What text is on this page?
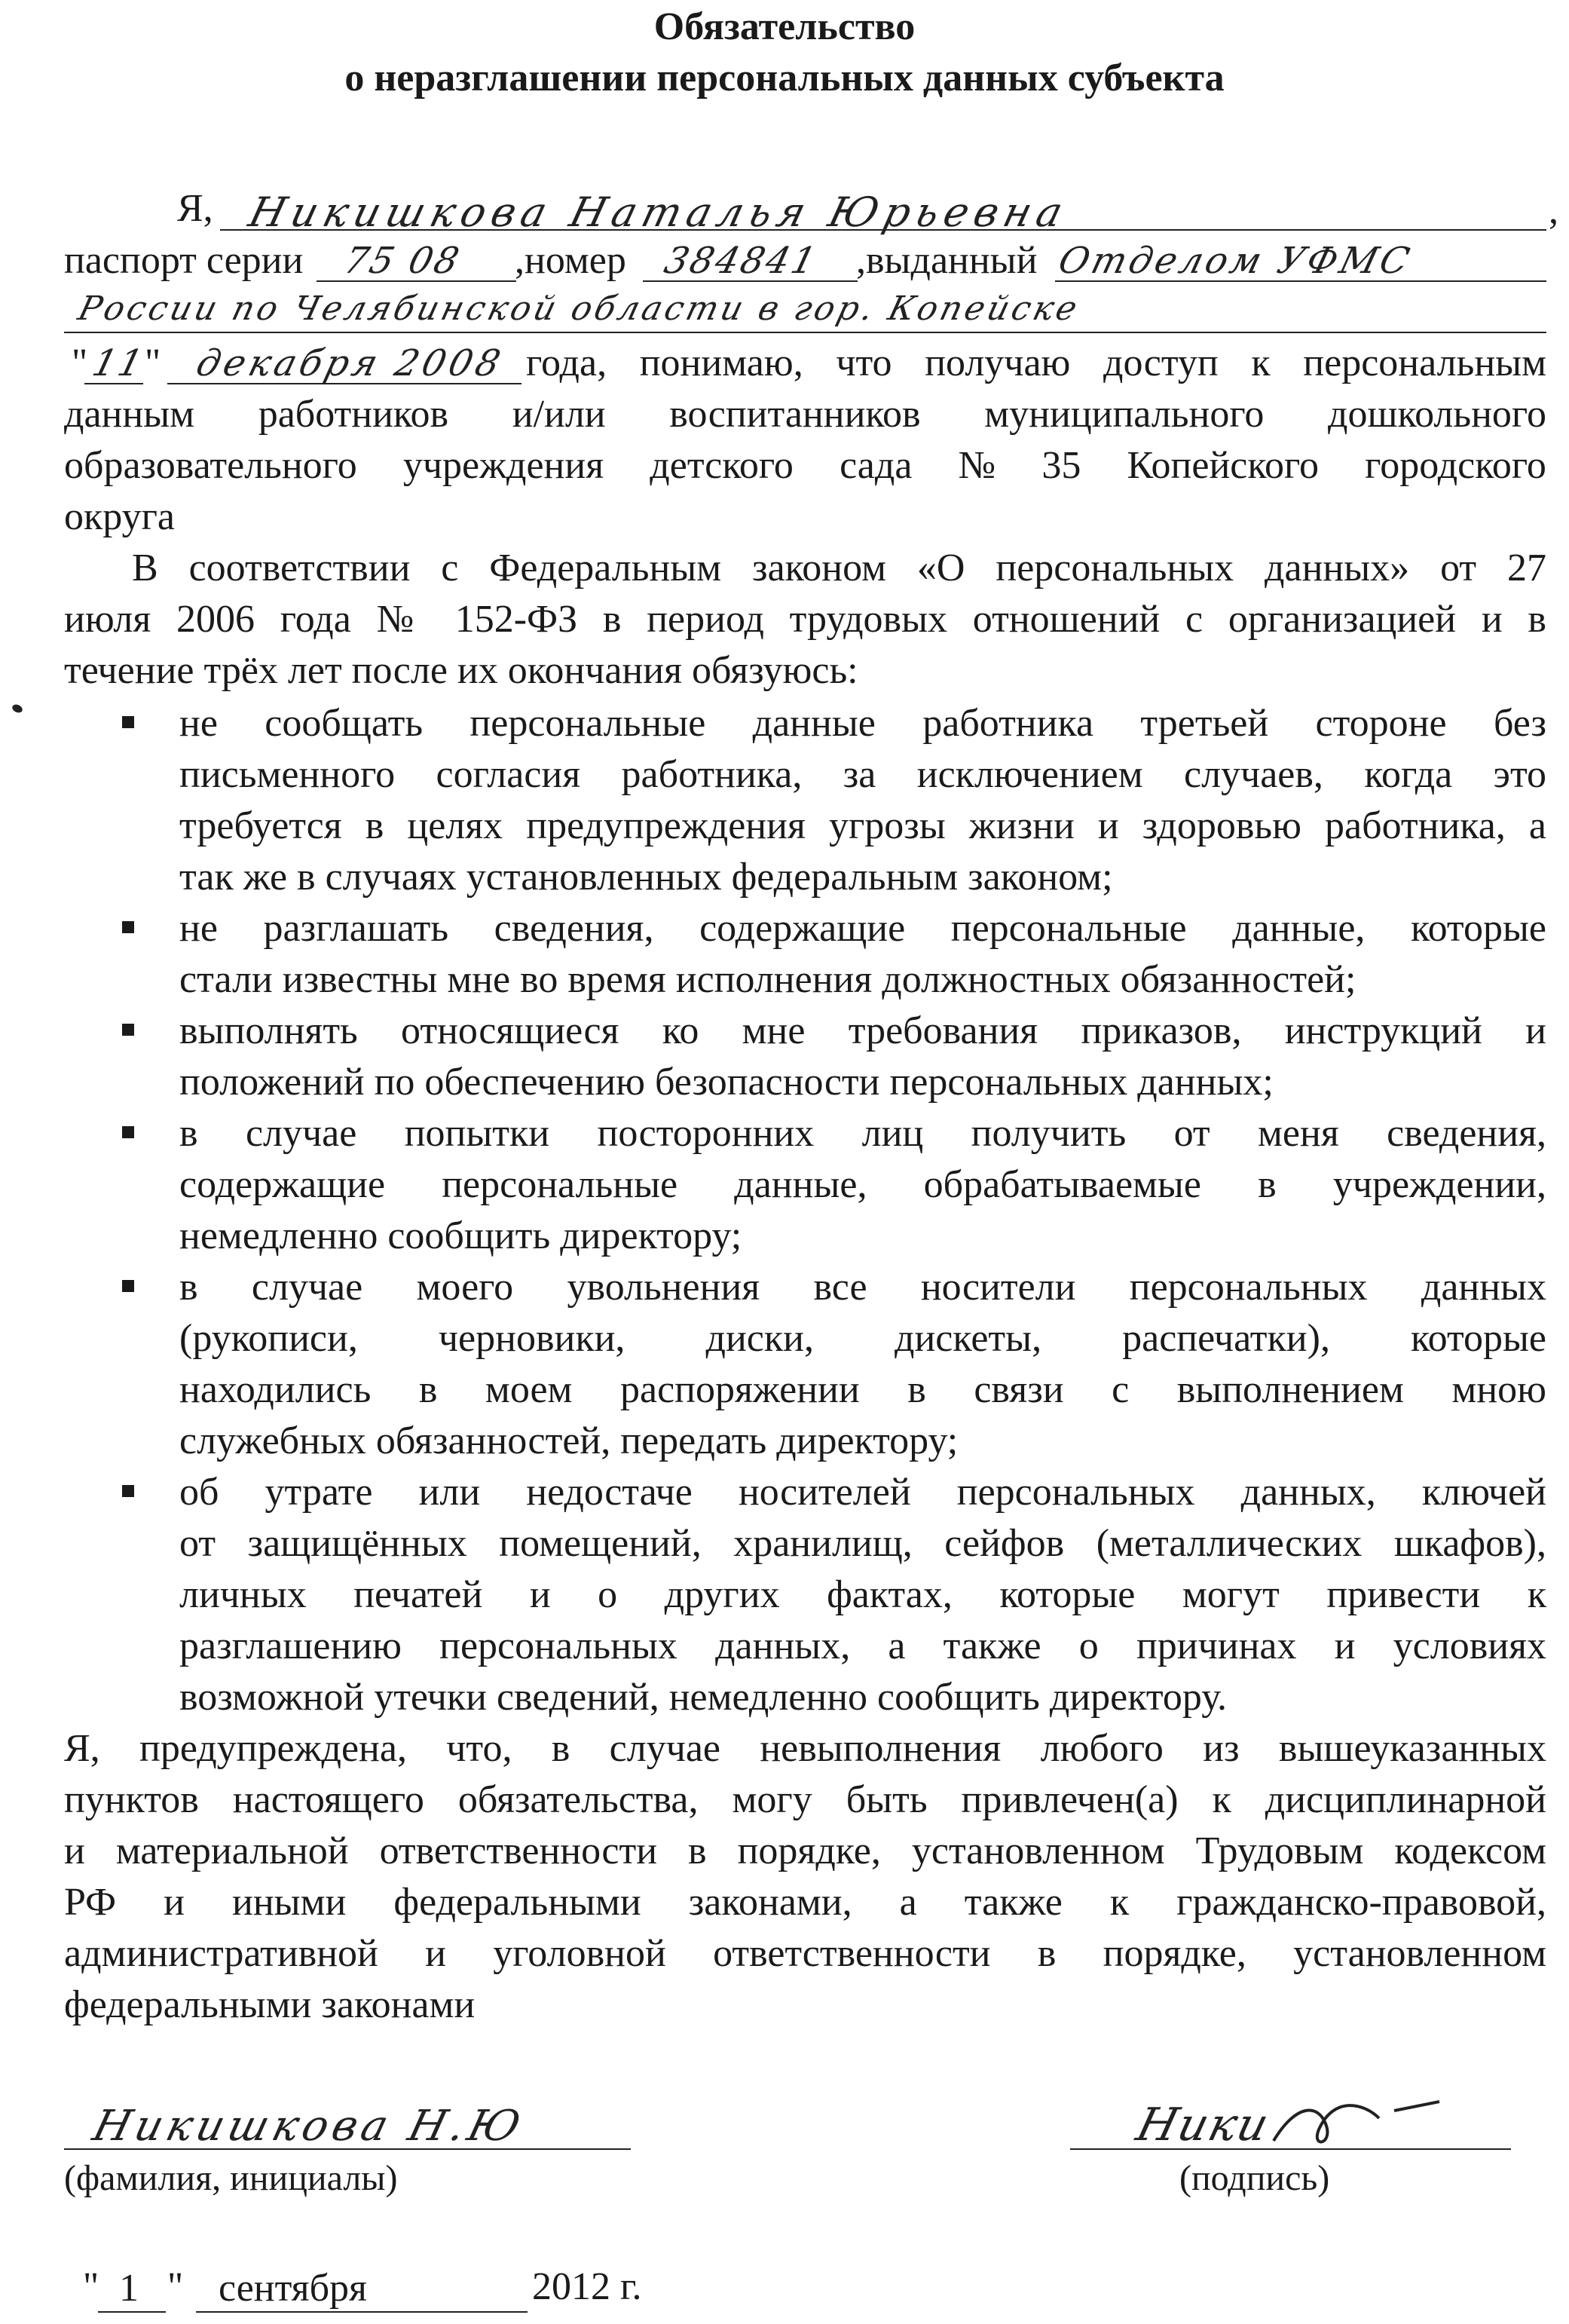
Обязательство
о неразглашении персональных данных субъекта
Я, Никишкова Наталья Юрьевна	,
паспорт серии 75 08 ,номер 384841 ,выданный Отделом УФМС
России по Челябинской области в гор. Копейске
" 11
" декабря 2008 года, понимаю, что получаю доступ к персональным
данным работников и/или воспитанников муниципального дошкольного
образовательного учреждения детского сада № 35 Копейского городского
округа
В соответствии с Федеральным законом «О персональных данных» от 27
июля 2006 года № 152-ФЗ в период трудовых отношений с организацией и в
течение трёх лет после их окончания обязуюсь:
не сообщать персональные данные работника третьей стороне без
письменного согласия работника, за исключением случаев, когда это
требуется в целях предупреждения угрозы жизни и здоровью работника, а
так же в случаях установленных федеральным законом;
не разглашать сведения, содержащие персональные данные, которые
стали известны мне во время исполнения должностных обязанностей;
выполнять относящиеся ко мне требования приказов, инструкций и
положений по обеспечению безопасности персональных данных;
в случае попытки посторонних лиц получить от меня сведения,
содержащие персональные данные, обрабатываемые в учреждении,
немедленно сообщить директору;
в случае моего увольнения все носители персональных данных
(рукописи, черновики, диски, дискеты, распечатки), которые
находились в моем распоряжении в связи с выполнением мною
служебных обязанностей, передать директору;
об утрате или недостаче носителей персональных данных, ключей
от защищённых помещений, хранилищ, сейфов (металлических шкафов),
личных печатей и о других фактах, которые могут привести к
разглашению персональных данных, а также о причинах и условиях
возможной утечки сведений, немедленно сообщить директору.
Я, предупреждена, что, в случае невыполнения любого из вышеуказанных
пунктов настоящего обязательства, могу быть привлечен(а) к дисциплинарной
и материальной ответственности в порядке, установленном Трудовым кодексом
РФ и иными федеральными законами, а также к гражданско-правовой,
административной и уголовной ответственности в порядке, установленном
федеральными законами
Никишкова Н.Ю
(фамилия, инициалы)
Ники
(подпись)
" 1 " сентября	2012 г.
